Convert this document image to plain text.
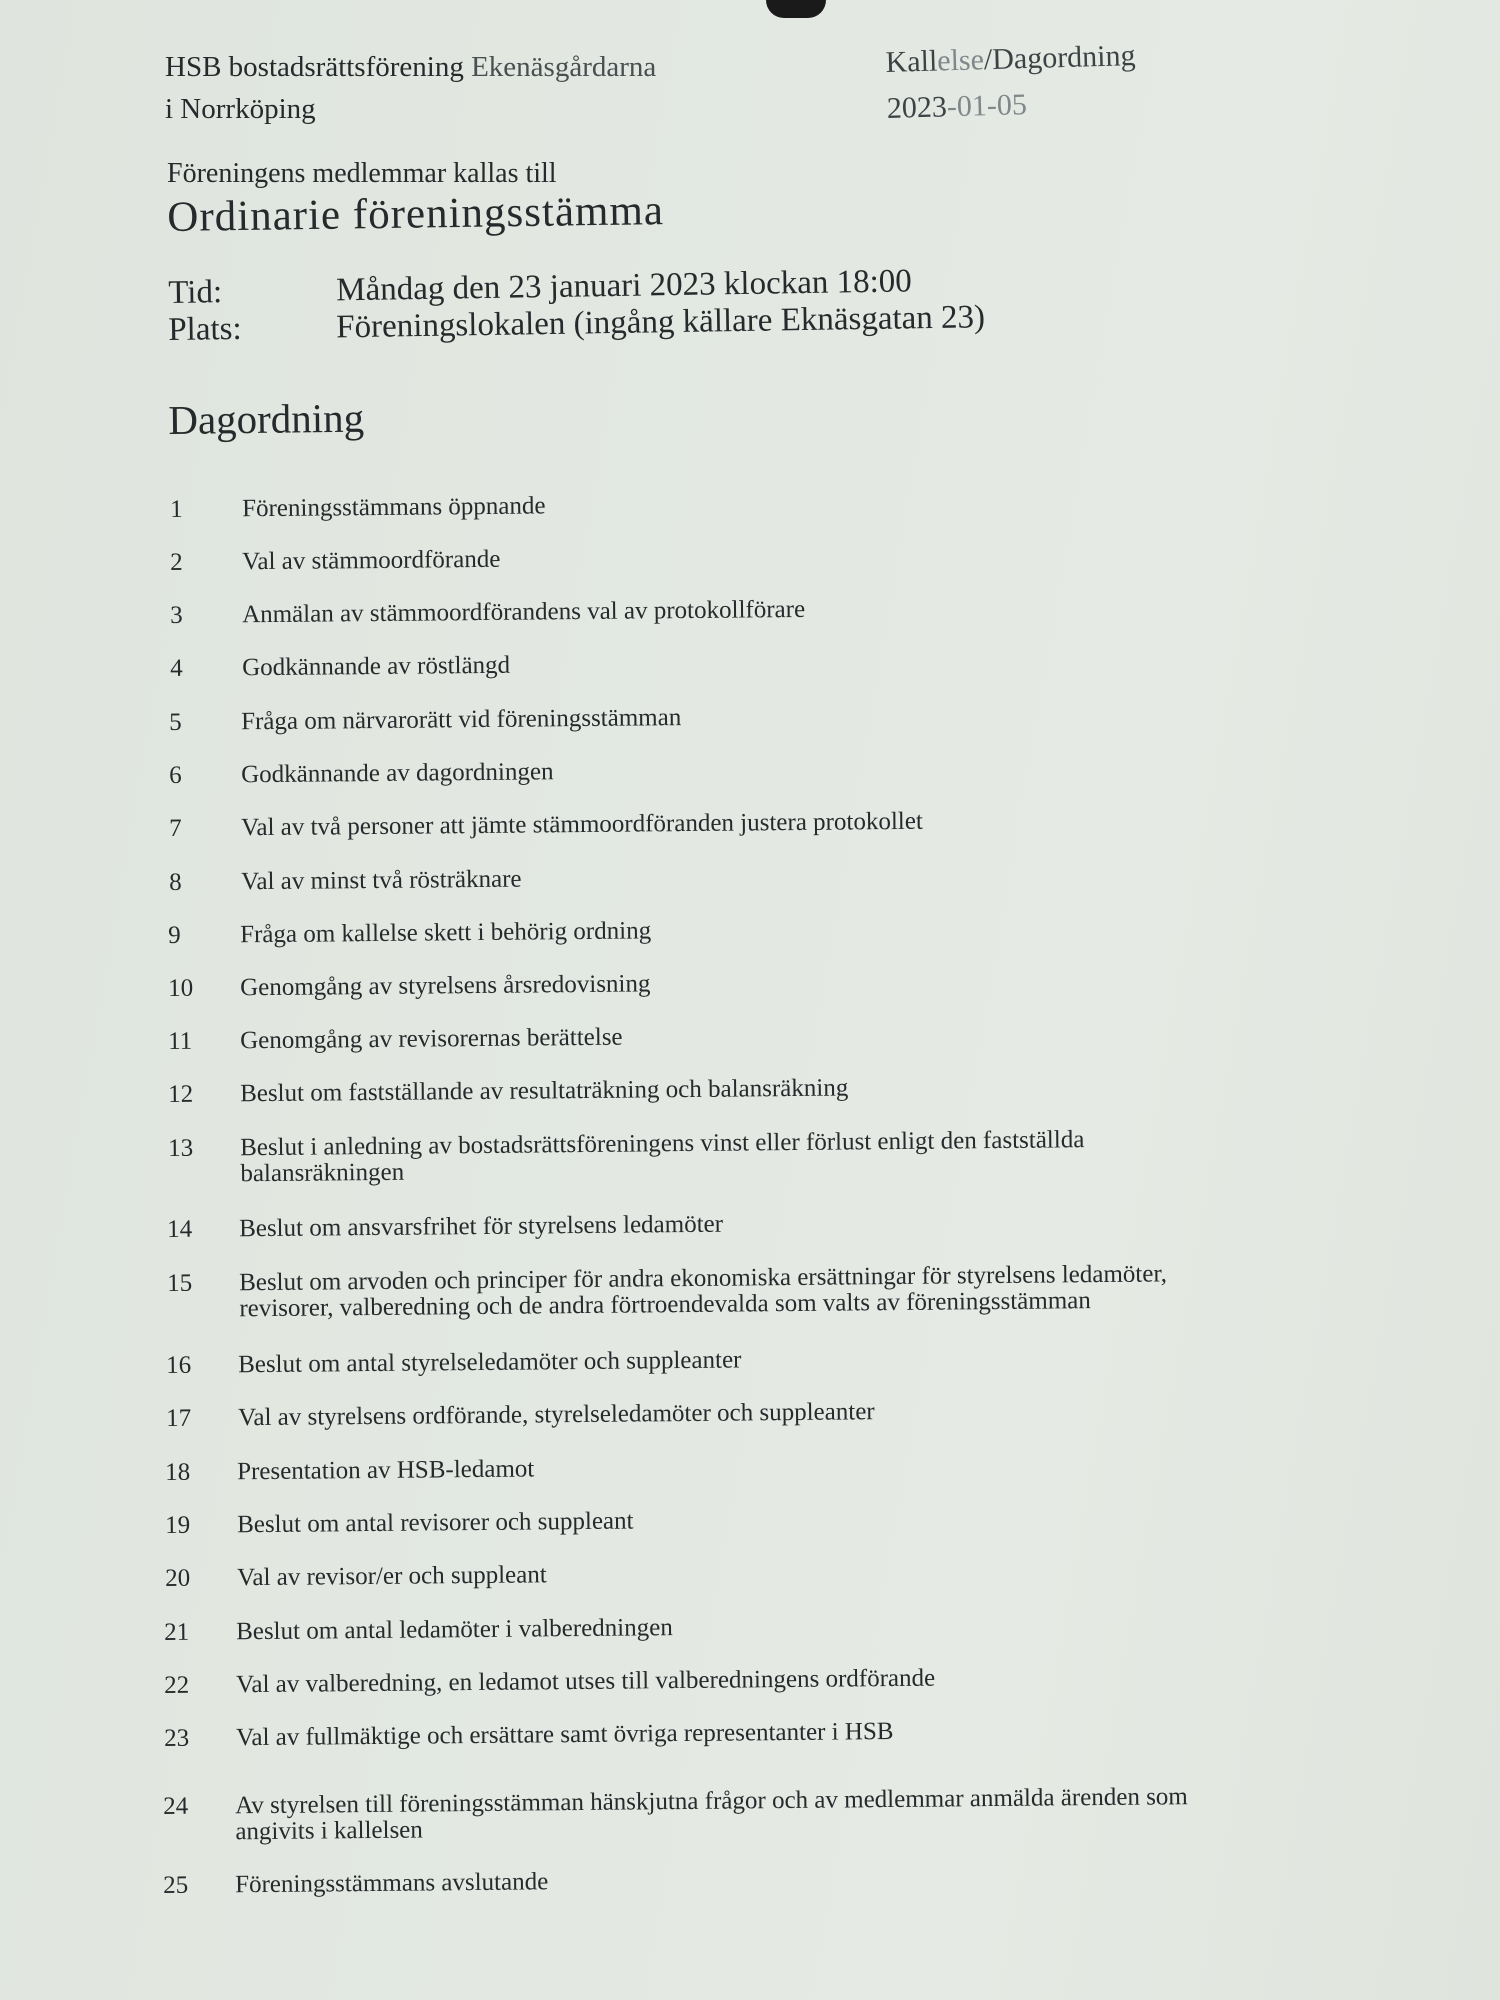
HSB bostadsrättsförening Ekenäsgårdarna
i Norrköping
Kallelse/Dagordning
2023-01-05
Föreningens medlemmar kallas till
Ordinarie föreningsstämma
Tid:	Måndag den 23 januari 2023 klockan 18:00
Plats:	Föreningslokalen (ingång källare Eknäsgatan 23)
Dagordning
1 Föreningsstämmans öppnande
2 Val av stämmoordförande
3 Anmälan av stämmoordförandens val av protokollförare
4 Godkännande av röstlängd
5 Fråga om närvarorätt vid föreningsstämman
6 Godkännande av dagordningen
7 Val av två personer att jämte stämmoordföranden justera protokollet
8 Val av minst två rösträknare
9 Fråga om kallelse skett i behörig ordning
10 Genomgång av styrelsens årsredovisning
11 Genomgång av revisorernas berättelse
12 Beslut om fastställande av resultaträkning och balansräkning
13 Beslut i anledning av bostadsrättsföreningens vinst eller förlust enligt den fastställda
balansräkningen
14 Beslut om ansvarsfrihet för styrelsens ledamöter
15 Beslut om arvoden och principer för andra ekonomiska ersättningar för styrelsens ledamöter,
revisorer, valberedning och de andra förtroendevalda som valts av föreningsstämman
16 Beslut om antal styrelseledamöter och suppleanter
17 Val av styrelsens ordförande, styrelseledamöter och suppleanter
18 Presentation av HSB-ledamot
19 Beslut om antal revisorer och suppleant
20 Val av revisor/er och suppleant
21 Beslut om antal ledamöter i valberedningen
22 Val av valberedning, en ledamot utses till valberedningens ordförande
23 Val av fullmäktige och ersättare samt övriga representanter i HSB
24 Av styrelsen till föreningsstämman hänskjutna frågor och av medlemmar anmälda ärenden som
angivits i kallelsen
25 Föreningsstämmans avslutande
